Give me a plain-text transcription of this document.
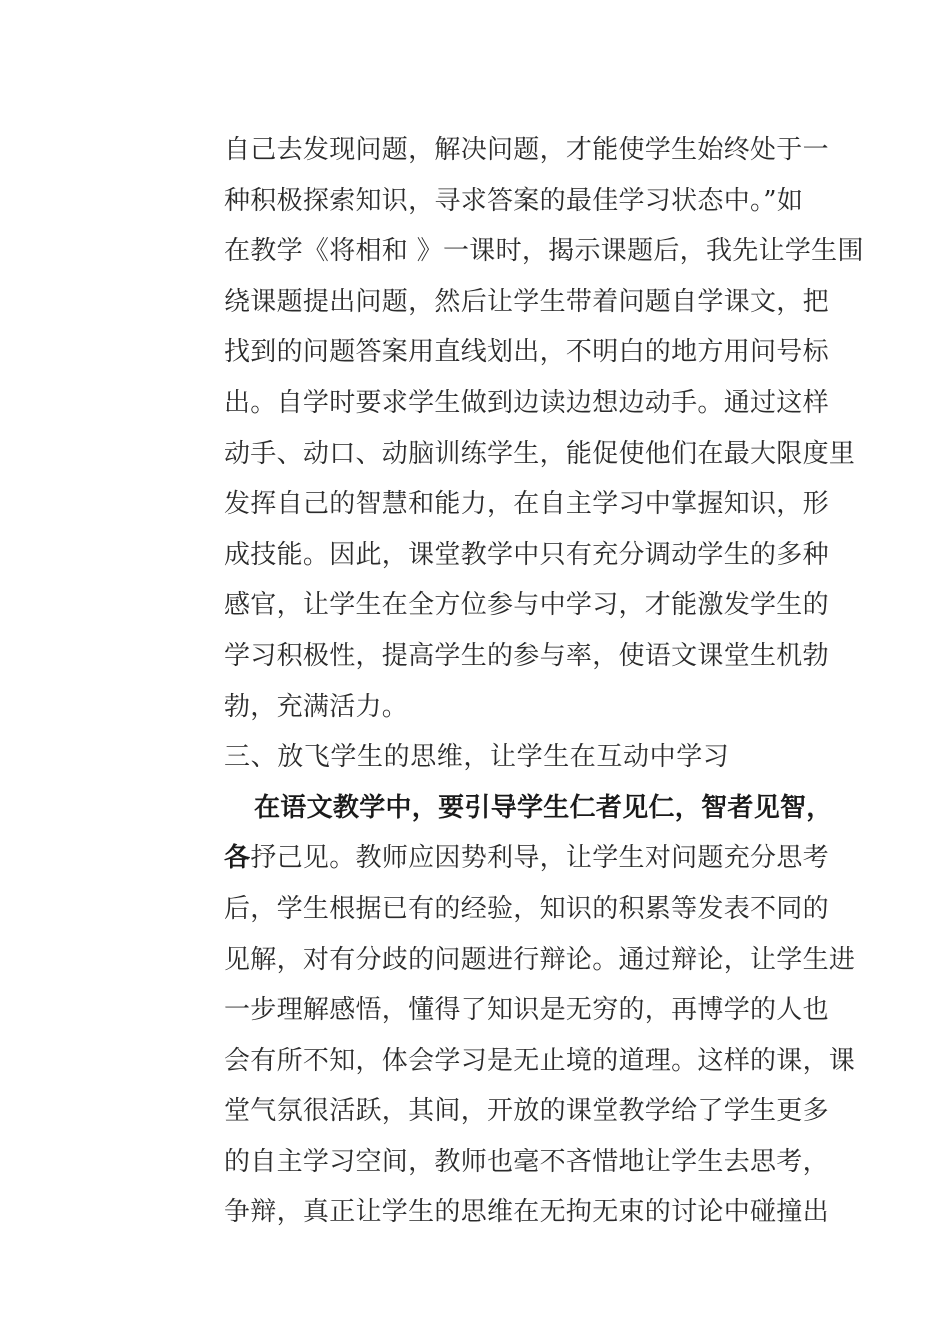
自己去发现问题，解决问题，才能使学生始终处于一
种积极探索知识，寻求答案的最佳学习状态中。”如
在教学《将相和 》一课时，揭示课题后，我先让学生围
绕课题提出问题，然后让学生带着问题自学课文，把
找到的问题答案用直线划出，不明白的地方用问号标
出。自学时要求学生做到边读边想边动手。通过这样
动手、动口、动脑训练学生，能促使他们在最大限度里
发挥自己的智慧和能力，在自主学习中掌握知识，形
成技能。因此，课堂教学中只有充分调动学生的多种
感官，让学生在全方位参与中学习，才能激发学生的
学习积极性，提高学生的参与率，使语文课堂生机勃
勃，充满活力。
三、放飞学生的思维，让学生在互动中学习
在语文教学中，要引导学生仁者见仁，智者见智，
各抒己见。教师应因势利导，让学生对问题充分思考
后，学生根据已有的经验，知识的积累等发表不同的
见解，对有分歧的问题进行辩论。通过辩论，让学生进
一步理解感悟，懂得了知识是无穷的，再博学的人也
会有所不知，体会学习是无止境的道理。这样的课，课
堂气氛很活跃，其间，开放的课堂教学给了学生更多
的自主学习空间，教师也毫不吝惜地让学生去思考，
争辩，真正让学生的思维在无拘无束的讨论中碰撞出
